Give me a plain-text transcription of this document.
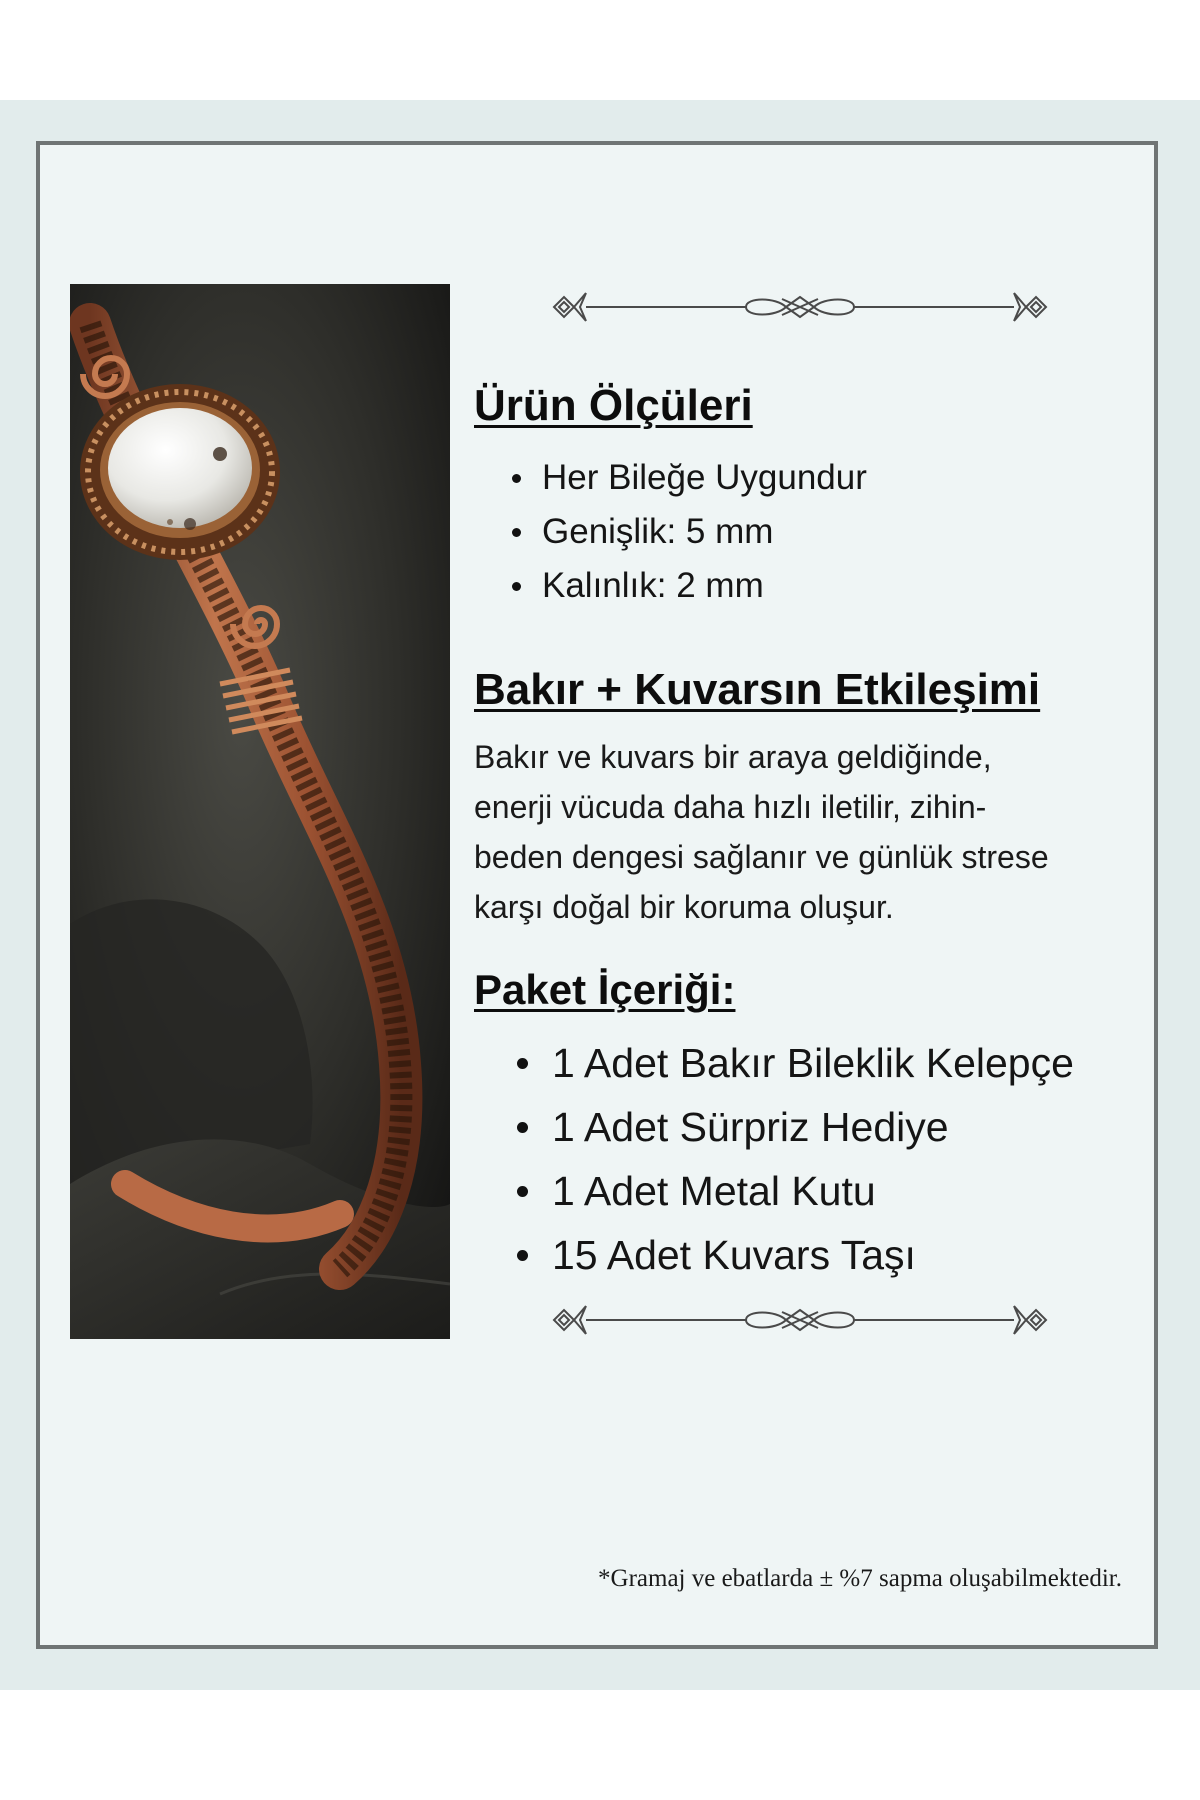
Ürün Ölçüleri
Her Bileğe Uygundur
Genişlik: 5 mm
Kalınlık: 2 mm
Bakır + Kuvarsın Etkileşimi

Bakır ve kuvars bir araya geldiğinde,
enerji vücuda daha hızlı iletilir, zihin-
beden dengesi sağlanır ve günlük strese
karşı doğal bir koruma oluşur.

Paket İçeriği:
1 Adet Bakır Bileklik Kelepçe
1 Adet Sürpriz Hediye
1 Adet Metal Kutu
15 Adet Kuvars Taşı

*Gramaj ve ebatlarda ± %7 sapma oluşabilmektedir.
